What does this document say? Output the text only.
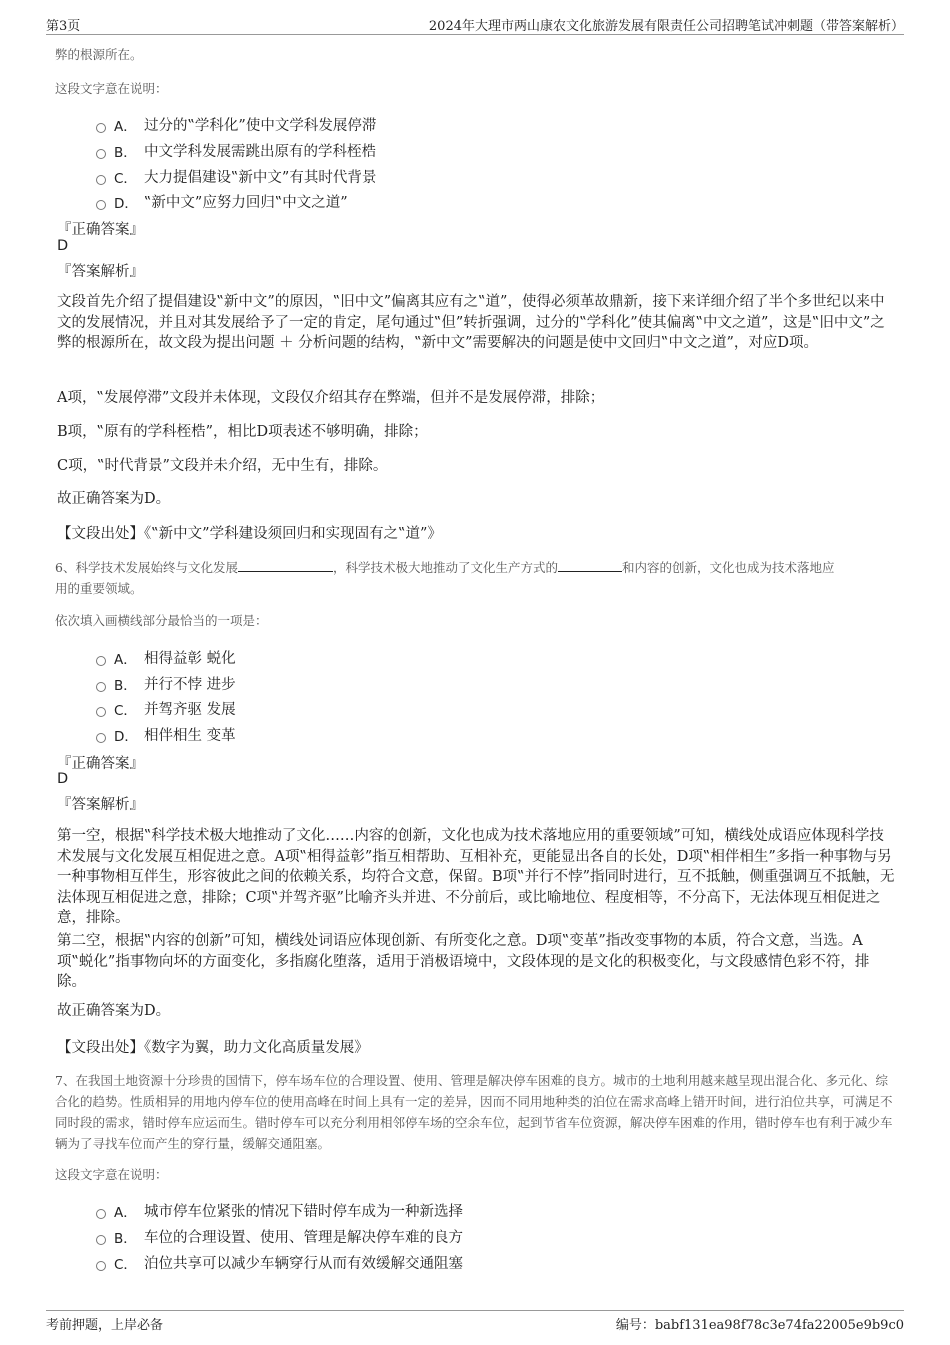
第3页	2024年大理市两山康农文化旅游发展有限责任公司招聘笔试冲刺题（带答案解析）
弊的根源所在。
这段文字意在说明：
A． 过分的‟学科化”使中文学科发展停滞
B． 中文学科发展需跳出原有的学科桎梏
C． 大力提倡建设‟新中文”有其时代背景
D． ‟新中文”应努力回归‟中文之道”
『正确答案』
D
『答案解析』
文段首先介绍了提倡建设‟新中文”的原因，‟旧中文”偏离其应有之‟道”，使得必须革故鼎新，接下来详细介绍了半个多世纪以来中文的发展情况，并且对其发展给予了一定的肯定，尾句通过‟但”转折强调，过分的‟学科化”使其偏离‟中文之道”，这是‟旧中文”之弊的根源所在，故文段为提出问题 ＋ 分析问题的结构，‟新中文”需要解决的问题是使中文回归‟中文之道”，对应D项。
A项，‟发展停滞”文段并未体现，文段仅介绍其存在弊端，但并不是发展停滞，排除；
B项，‟原有的学科桎梏”，相比D项表述不够明确，排除；
C项，‟时代背景”文段并未介绍，无中生有，排除。
故正确答案为D。
【文段出处】《‟新中文”学科建设须回归和实现固有之‟道”》
6、科学技术发展始终与文化发展	，科学技术极大地推动了文化生产方式的	和内容的创新，文化也成为技术落地应
用的重要领域。
依次填入画横线部分最恰当的一项是：
A． 相得益彰 蜕化
B． 并行不悖 进步
C． 并驾齐驱 发展
D． 相伴相生 变革
『正确答案』
D
『答案解析』
第一空，根据‟科学技术极大地推动了文化……内容的创新，文化也成为技术落地应用的重要领域”可知，横线处成语应体现科学技术发展与文化发展互相促进之意。A项‟相得益彰”指互相帮助、互相补充，更能显出各自的长处，D项‟相伴相生”多指一种事物与另一种事物相互伴生，形容彼此之间的依赖关系，均符合文意，保留。B项‟并行不悖”指同时进行，互不抵触，侧重强调互不抵触，无法体现互相促进之意，排除；C项‟并驾齐驱”比喻齐头并进、不分前后，或比喻地位、程度相等，不分高下，无法体现互相促进之意，排除。
第二空，根据‟内容的创新”可知，横线处词语应体现创新、有所变化之意。D项‟变革”指改变事物的本质，符合文意，当选。A项‟蜕化”指事物向坏的方面变化，多指腐化堕落，适用于消极语境中，文段体现的是文化的积极变化，与文段感情色彩不符，排除。
故正确答案为D。
【文段出处】《数字为翼，助力文化高质量发展》
7、在我国土地资源十分珍贵的国情下，停车场车位的合理设置、使用、管理是解决停车困难的良方。城市的土地利用越来越呈现出混合化、多元化、综合化的趋势。性质相异的用地内停车位的使用高峰在时间上具有一定的差异，因而不同用地种类的泊位在需求高峰上错开时间，进行泊位共享，可满足不同时段的需求，错时停车应运而生。错时停车可以充分利用相邻停车场的空余车位，起到节省车位资源，解决停车困难的作用，错时停车也有利于减少车辆为了寻找车位而产生的穿行量，缓解交通阻塞。
这段文字意在说明：
A． 城市停车位紧张的情况下错时停车成为一种新选择
B． 车位的合理设置、使用、管理是解决停车难的良方
C． 泊位共享可以减少车辆穿行从而有效缓解交通阻塞
考前押题，上岸必备	编号：babf131ea98f78c3e74fa22005e9b9c0
